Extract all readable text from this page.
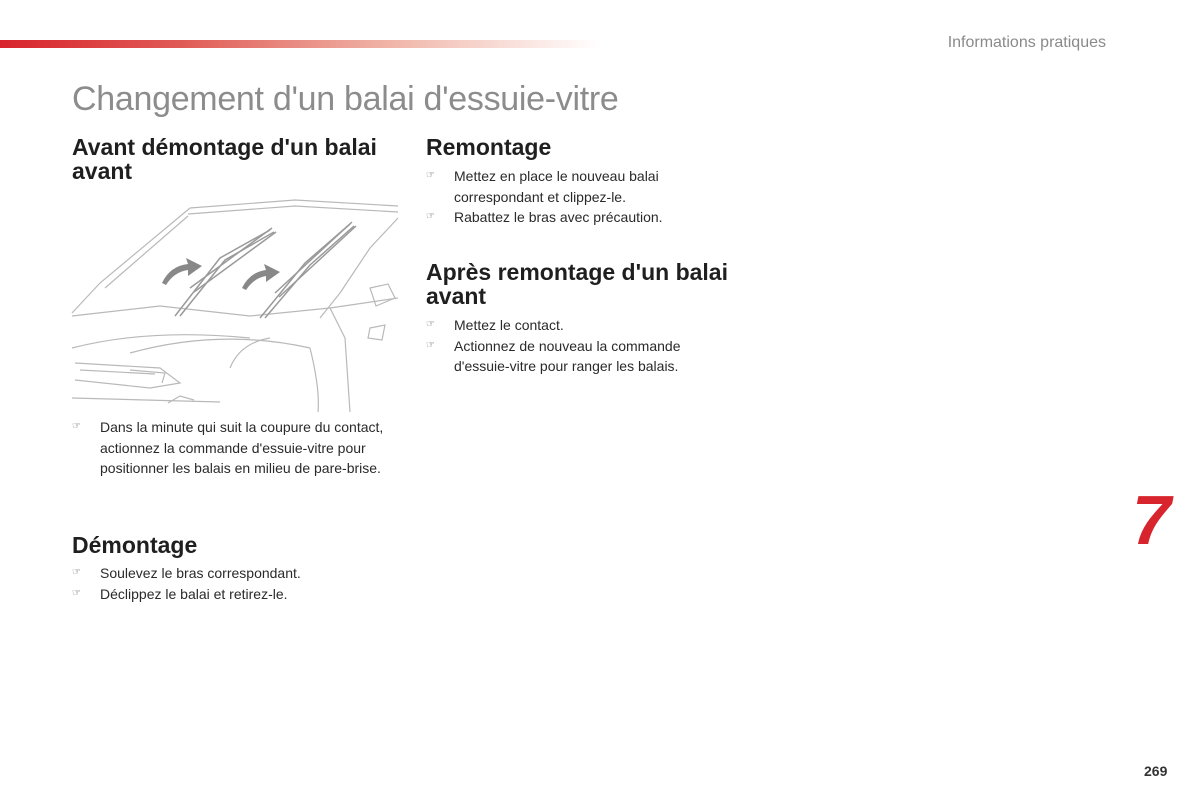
Informations pratiques
Changement d'un balai d'essuie-vitre
Avant démontage d'un balai avant
☞ Dans la minute qui suit la coupure du contact, actionnez la commande d'essuie-vitre pour positionner les balais en milieu de pare-brise.
Démontage
☞ Soulevez le bras correspondant.
☞ Déclippez le balai et retirez-le.
Remontage
☞ Mettez en place le nouveau balai correspondant et clippez-le.
☞ Rabattez le bras avec précaution.
Après remontage d'un balai avant
☞ Mettez le contact.
☞ Actionnez de nouveau la commande d'essuie-vitre pour ranger les balais.
7
269
